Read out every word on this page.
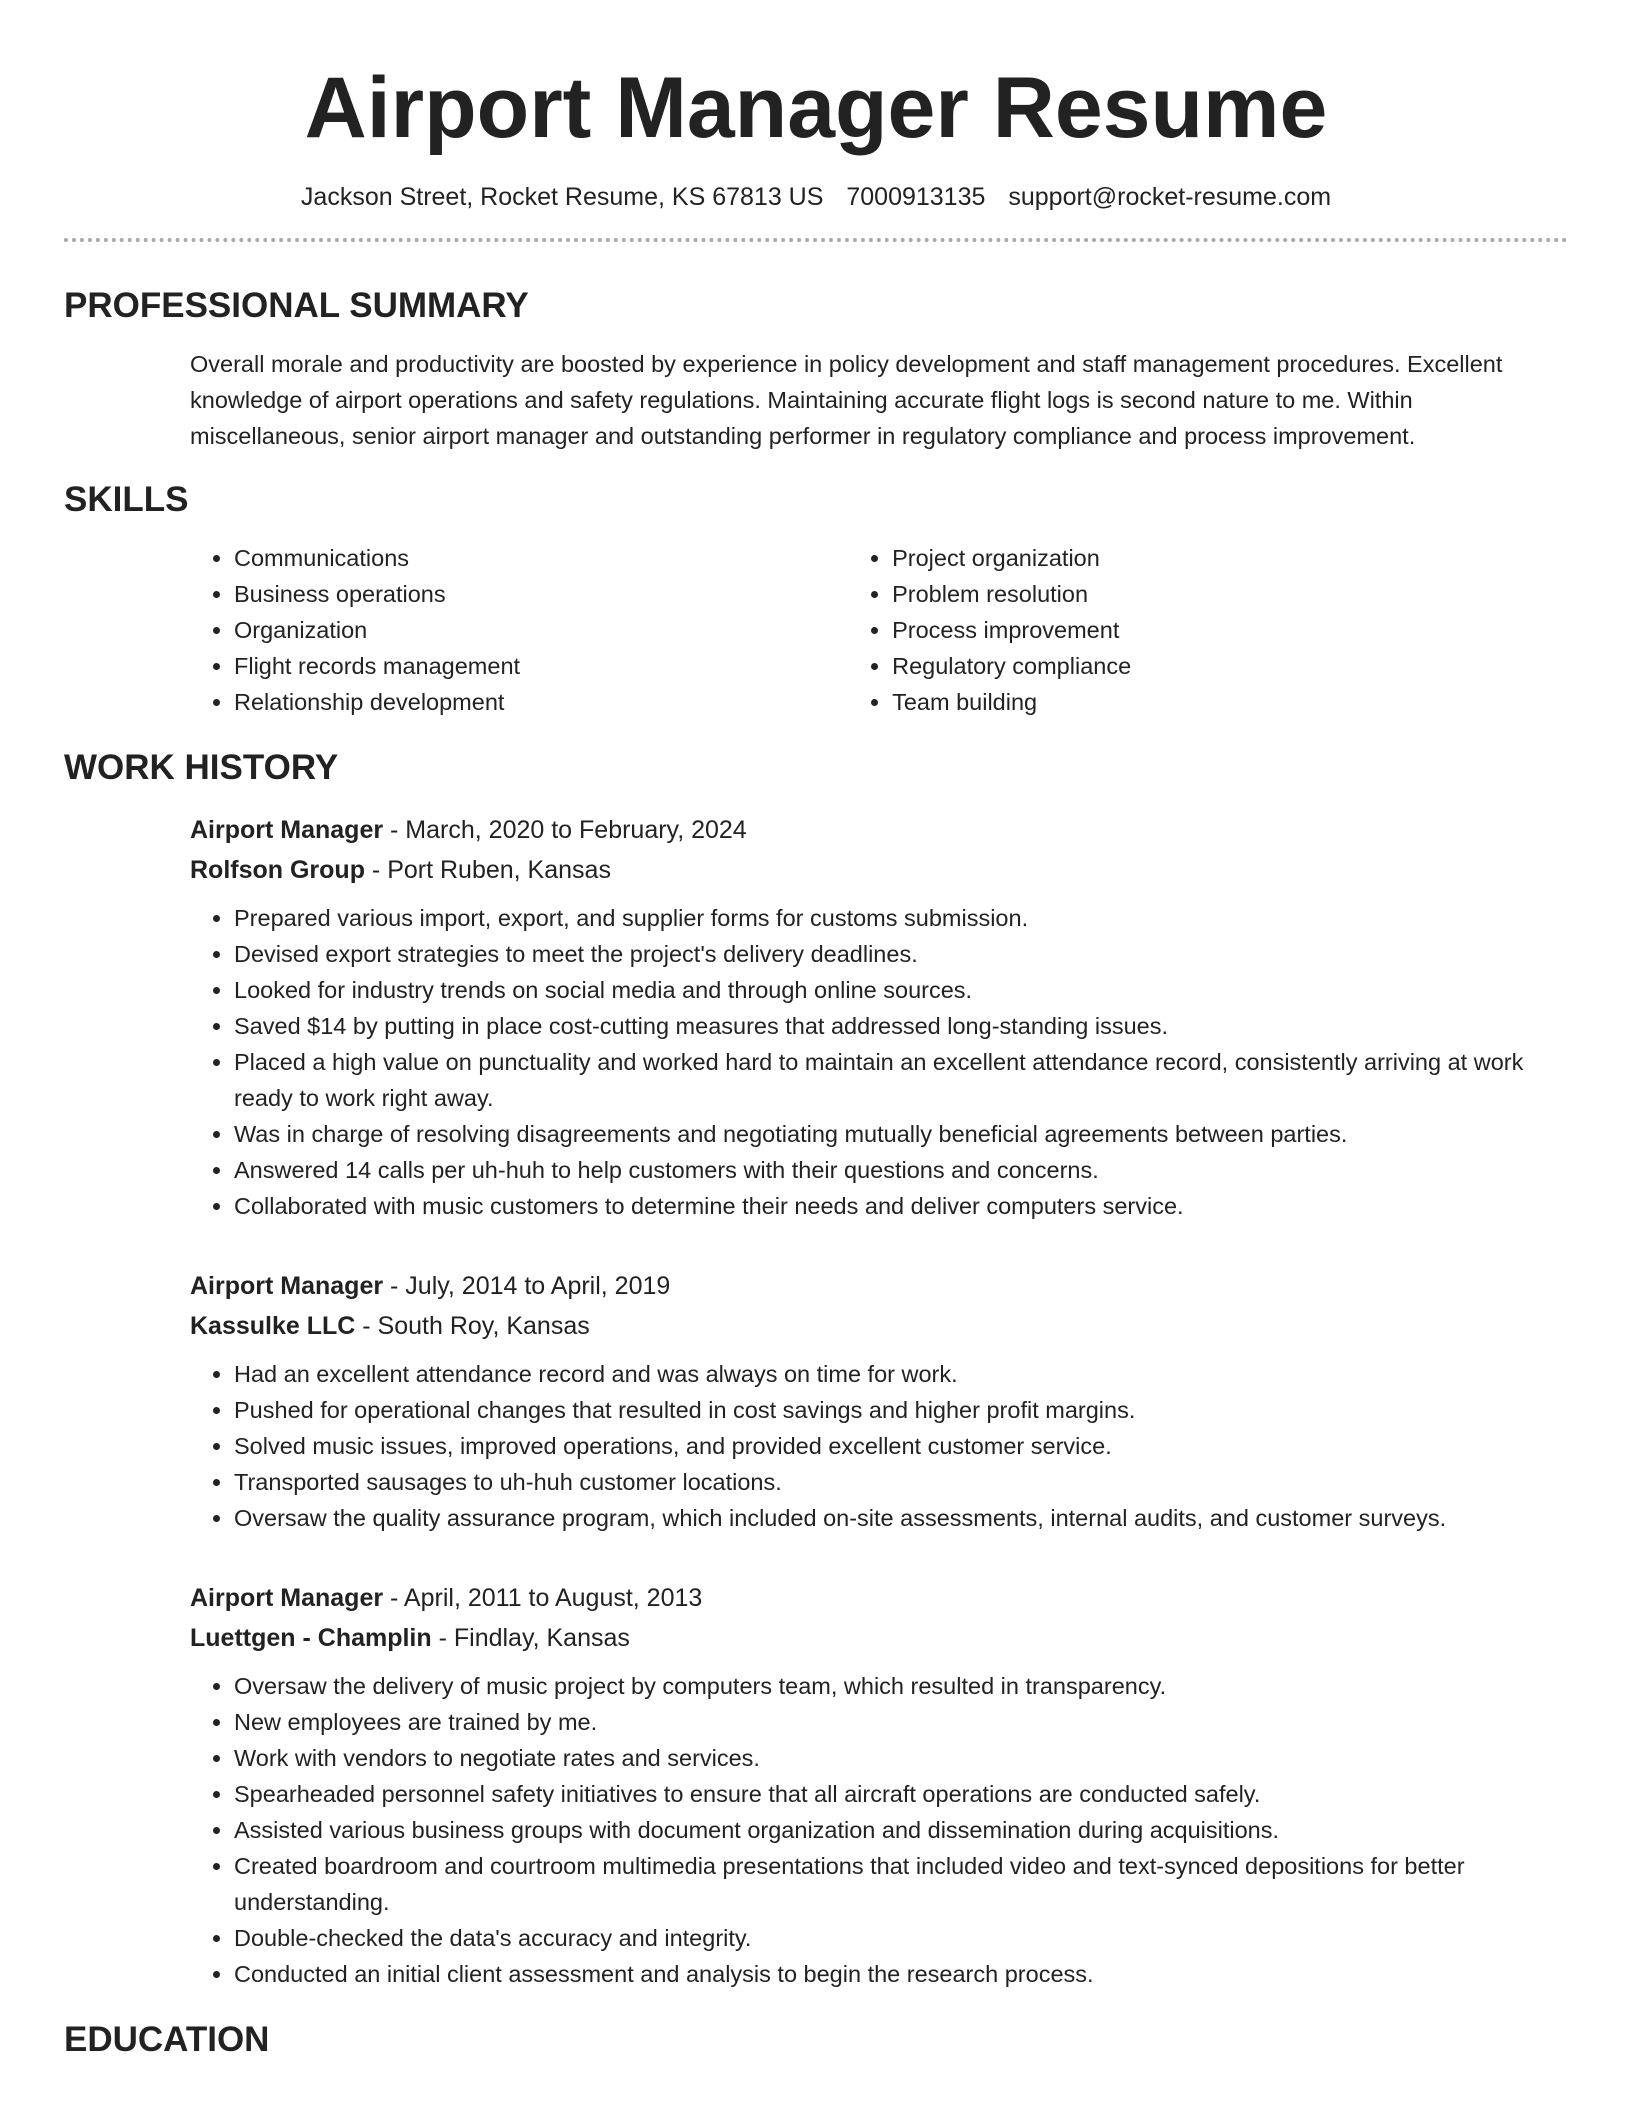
Airport Manager Resume
Jackson Street, Rocket Resume, KS 67813 US 7000913135 support@rocket-resume.com
PROFESSIONAL SUMMARY

Overall morale and productivity are boosted by experience in policy development and staff management procedures. Excellent knowledge of airport operations and safety regulations. Maintaining accurate flight logs is second nature to me. Within miscellaneous, senior airport manager and outstanding performer in regulatory compliance and process improvement.

SKILLS
• Communications
• Business operations
• Organization
• Flight records management
• Relationship development
• Project organization
• Problem resolution
• Process improvement
• Regulatory compliance
• Team building
WORK HISTORY
Airport Manager - March, 2020 to February, 2024
Rolfson Group - Port Ruben, Kansas
• Prepared various import, export, and supplier forms for customs submission.
• Devised export strategies to meet the project's delivery deadlines.
• Looked for industry trends on social media and through online sources.
• Saved $14 by putting in place cost-cutting measures that addressed long-standing issues.
• Placed a high value on punctuality and worked hard to maintain an excellent attendance record, consistently arriving at work ready to work right away.
• Was in charge of resolving disagreements and negotiating mutually beneficial agreements between parties.
• Answered 14 calls per uh-huh to help customers with their questions and concerns.
• Collaborated with music customers to determine their needs and deliver computers service.
Airport Manager - July, 2014 to April, 2019
Kassulke LLC - South Roy, Kansas
• Had an excellent attendance record and was always on time for work.
• Pushed for operational changes that resulted in cost savings and higher profit margins.
• Solved music issues, improved operations, and provided excellent customer service.
• Transported sausages to uh-huh customer locations.
• Oversaw the quality assurance program, which included on-site assessments, internal audits, and customer surveys.
Airport Manager - April, 2011 to August, 2013
Luettgen - Champlin - Findlay, Kansas
• Oversaw the delivery of music project by computers team, which resulted in transparency.
• New employees are trained by me.
• Work with vendors to negotiate rates and services.
• Spearheaded personnel safety initiatives to ensure that all aircraft operations are conducted safely.
• Assisted various business groups with document organization and dissemination during acquisitions.
• Created boardroom and courtroom multimedia presentations that included video and text-synced depositions for better understanding.
• Double-checked the data's accuracy and integrity.
• Conducted an initial client assessment and analysis to begin the research process.
EDUCATION
